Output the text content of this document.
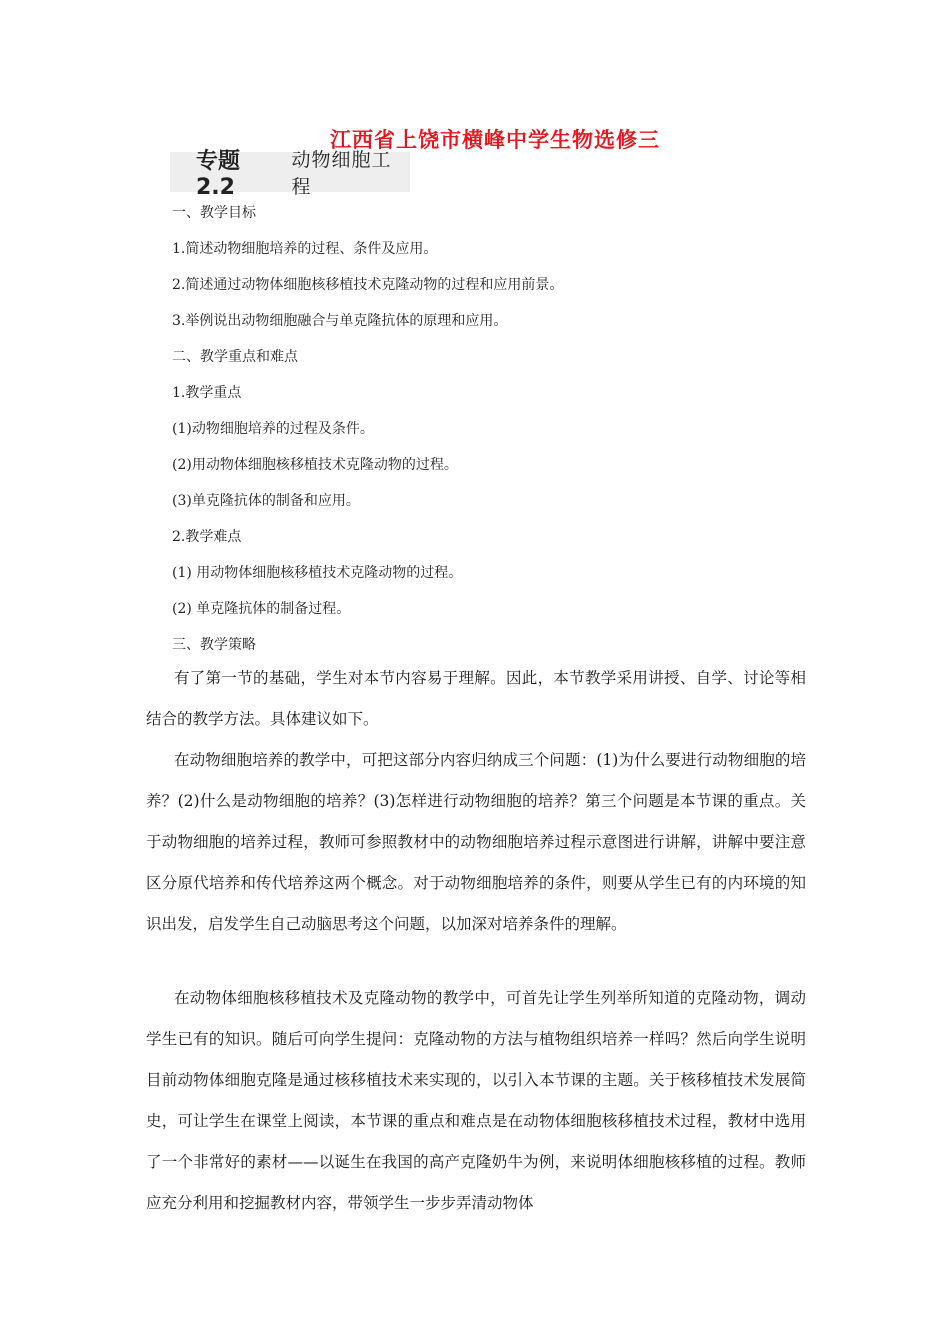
江西省上饶市横峰中学生物选修三
专题 2.2
动物细胞工程
一、教学目标
1.简述动物细胞培养的过程、条件及应用。
2.简述通过动物体细胞核移植技术克隆动物的过程和应用前景。
3.举例说出动物细胞融合与单克隆抗体的原理和应用。
二、教学重点和难点
1.教学重点
(1)动物细胞培养的过程及条件。
(2)用动物体细胞核移植技术克隆动物的过程。
(3)单克隆抗体的制备和应用。
2.教学难点
(1) 用动物体细胞核移植技术克隆动物的过程。
(2) 单克隆抗体的制备过程。
三、教学策略
有了第一节的基础，学生对本节内容易于理解。因此，本节教学采用讲授、自学、讨论等相结合的教学方法。具体建议如下。
在动物细胞培养的教学中，可把这部分内容归纳成三个问题：(1)为什么要进行动物细胞的培养？(2)什么是动物细胞的培养？(3)怎样进行动物细胞的培养？第三个问题是本节课的重点。关于动物细胞的培养过程，教师可参照教材中的动物细胞培养过程示意图进行讲解，讲解中要注意区分原代培养和传代培养这两个概念。对于动物细胞培养的条件，则要从学生已有的内环境的知识出发，启发学生自己动脑思考这个问题，以加深对培养条件的理解。
在动物体细胞核移植技术及克隆动物的教学中，可首先让学生列举所知道的克隆动物，调动学生已有的知识。随后可向学生提问：克隆动物的方法与植物组织培养一样吗？然后向学生说明目前动物体细胞克隆是通过核移植技术来实现的，以引入本节课的主题。关于核移植技术发展简史，可让学生在课堂上阅读，本节课的重点和难点是在动物体细胞核移植技术过程，教材中选用了一个非常好的素材——以诞生在我国的高产克隆奶牛为例，来说明体细胞核移植的过程。教师应充分利用和挖掘教材内容，带领学生一步步弄清动物体
